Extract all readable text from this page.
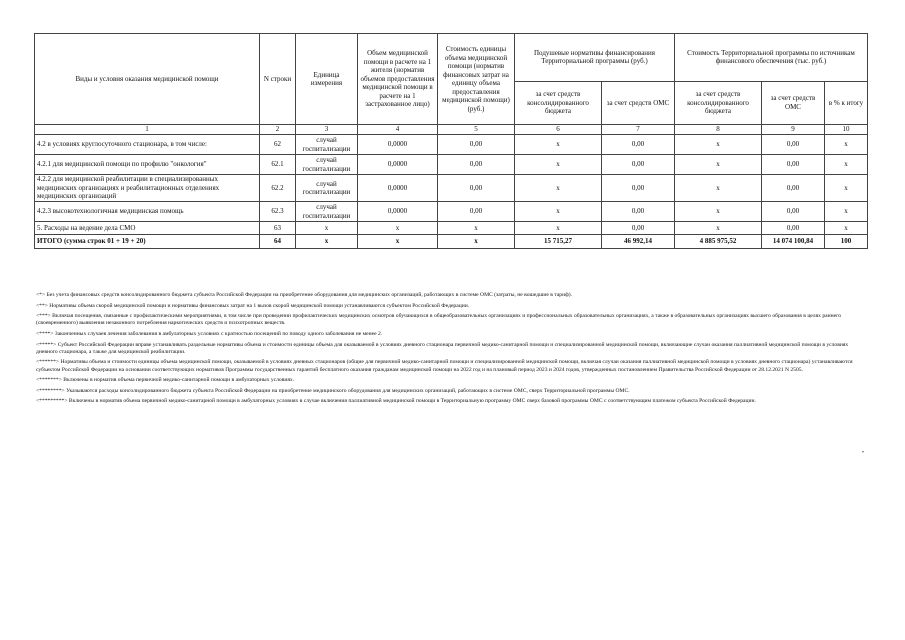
Виды и условия оказания медицинской помощи	N строки	Единица измерения	Объем медицинской помощи в расчете на 1 жителя (норматив объемов предоставления медицинской помощи в расчете на 1 застрахованное лицо)	Стоимость единицы объема медицинской помощи (норматив финансовых затрат на единицу объема предоставления медицинской помощи) (руб.)	Подушевые нормативы финансирования Территориальной программы (руб.)		Стоимость Территориальной программы по источникам финансового обеспечения (тыс. руб.)		
					за счет средств консолидированного бюджета	за счет средств ОМС	за счет средств консолидированного бюджета	за счет средств ОМС	в % к итогу
1	2	3	4	5	6	7	8	9	10
4.2 в условиях круглосуточного стационара, в том числе:	62	случай госпитализации	0,0000	0,00	х	0,00	х	0,00	х
4.2.1 для медицинской помощи по профилю "онкология"	62.1	случай госпитализации	0,0000	0,00	х	0,00	х	0,00	х
4.2.2 для медицинской реабилитации в специализированных медицинских организациях и реабилитационных отделениях медицинских организаций	62.2	случай госпитализации	0,0000	0,00	х	0,00	х	0,00	х
4.2.3 высокотехнологичная медицинская помощь	62.3	случай госпитализации	0,0000	0,00	х	0,00	х	0,00	х
5. Расходы на ведение дела СМО	63	х	х	х	х	0,00	х	0,00	х
ИТОГО (сумма строк 01 + 19 + 20)	64	х	х	х	15 715,27	46 992,14	4 885 975,52	14 074 100,84	100

<*> Без учета финансовых средств консолидированного бюджета субъекта Российской Федерации на приобретение оборудования для медицинских организаций, работающих в системе ОМС (затраты, не вошедшие в тариф).

<**> Нормативы объема скорой медицинской помощи и нормативы финансовых затрат на 1 вызов скорой медицинской помощи устанавливаются субъектом Российской Федерации.

<***> Включая посещения, связанные с профилактическими мероприятиями, в том числе при проведении профилактических медицинских осмотров обучающихся в общеобразовательных организациях и профессиональных образовательных организациях, а также в образовательных организациях высшего образования в целях раннего (своевременного) выявления незаконного потребления наркотических средств и психотропных веществ.

<****> Законченных случаев лечения заболевания в амбулаторных условиях с кратностью посещений по поводу одного заболевания не менее 2.

<*****> Субъект Российской Федерации вправе устанавливать раздельные нормативы объема и стоимости единицы объема для оказываемой в условиях дневного стационара первичной медико-санитарной помощи и специализированной медицинской помощи, включающие случаи оказания паллиативной медицинской помощи в условиях дневного стационара, а также для медицинской реабилитации.

<******> Нормативы объема и стоимости единицы объема медицинской помощи, оказываемой в условиях дневных стационаров (общие для первичной медико-санитарной помощи и специализированной медицинской помощи, включая случаи оказания паллиативной медицинской помощи в условиях дневного стационара) устанавливаются субъектом Российской Федерации на основании соответствующих нормативов Программы государственных гарантий бесплатного оказания гражданам медицинской помощи на 2022 год и на плановый период 2023 и 2024 годов, утвержденных постановлением Правительства Российской Федерации от 28.12.2021 N 2505.

<*******> Включены в норматив объема первичной медико-санитарной помощи в амбулаторных условиях.

<********> Указываются расходы консолидированного бюджета субъекта Российской Федерации на приобретение медицинского оборудования для медицинских организаций, работающих в системе ОМС, сверх Территориальной программы ОМС.

<*********> Включены в норматив объема первичной медико-санитарной помощи в амбулаторных условиях в случае включения паллиативной медицинской помощи в Территориальную программу ОМС сверх базовой программы ОМС с соответствующим платежом субъекта Российской Федерации.

"
